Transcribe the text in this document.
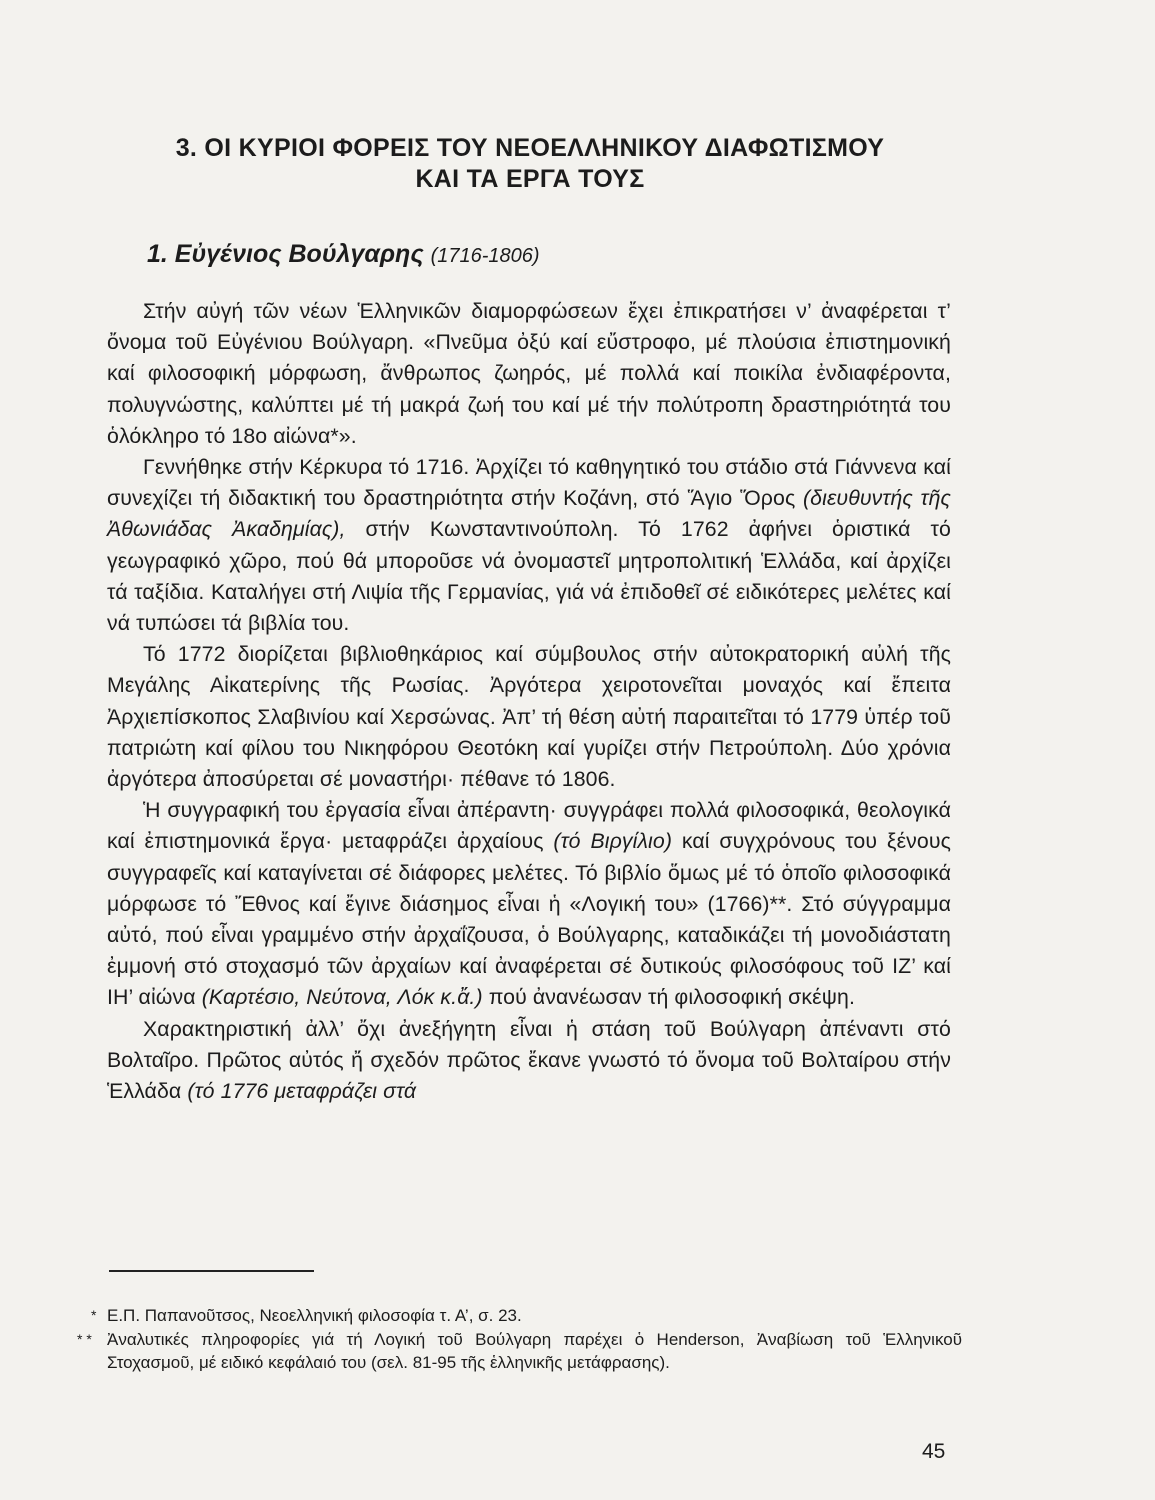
3. ΟΙ ΚΥΡΙΟΙ ΦΟΡΕΙΣ ΤΟΥ ΝΕΟΕΛΛΗΝΙΚΟΥ ΔΙΑΦΩΤΙΣΜΟΥ
ΚΑΙ ΤΑ ΕΡΓΑ ΤΟΥΣ
1. Εὐγένιος Βούλγαρης (1716-1806)

Στήν αὐγή τῶν νέων Ἑλληνικῶν διαμορφώσεων ἔχει ἐπικρατήσει ν’ ἀναφέρεται τ’ ὄνομα τοῦ Εὐγένιου Βούλγαρη. «Πνεῦμα ὀξύ καί εὔστροφο, μέ πλούσια ἐπιστημονική καί φιλοσοφική μόρφωση, ἄνθρωπος ζωηρός, μέ πολλά καί ποικίλα ἐνδιαφέροντα, πολυγνώστης, καλύπτει μέ τή μακρά ζωή του καί μέ τήν πολύτροπη δραστηριότητά του ὁλόκληρο τό 18ο αἰώνα*».

Γεννήθηκε στήν Κέρκυρα τό 1716. Ἀρχίζει τό καθηγητικό του στάδιο στά Γιάννενα καί συνεχίζει τή διδακτική του δραστηριότητα στήν Κοζάνη, στό Ἅγιο Ὅρος (διευθυντής τῆς Ἀθωνιάδας Ἀκαδημίας), στήν Κωνσταντινούπολη. Τό 1762 ἀφήνει ὁριστικά τό γεωγραφικό χῶρο, πού θά μποροῦσε νά ὀνομαστεῖ μητροπολιτική Ἑλλάδα, καί ἀρχίζει τά ταξίδια. Καταλήγει στή Λιψία τῆς Γερμανίας, γιά νά ἐπιδοθεῖ σέ ειδικότερες μελέτες καί νά τυπώσει τά βιβλία του.

Τό 1772 διορίζεται βιβλιοθηκάριος καί σύμβουλος στήν αὐτοκρατορική αὐλή τῆς Μεγάλης Αἰκατερίνης τῆς Ρωσίας. Ἀργότερα χειροτονεῖται μοναχός καί ἔπειτα Ἀρχιεπίσκοπος Σλαβινίου καί Χερσώνας. Ἀπ’ τή θέση αὐτή παραιτεῖται τό 1779 ὑπέρ τοῦ πατριώτη καί φίλου του Νικηφόρου Θεοτόκη καί γυρίζει στήν Πετρούπολη. Δύο χρόνια ἀργότερα ἀποσύρεται σέ μοναστήρι· πέθανε τό 1806.

Ἡ συγγραφική του ἐργασία εἶναι ἀπέραντη· συγγράφει πολλά φιλοσοφικά, θεολογικά καί ἐπιστημονικά ἔργα· μεταφράζει ἀρχαίους (τό Βιργίλιο) καί συγχρόνους του ξένους συγγραφεῖς καί καταγίνεται σέ διάφορες μελέτες. Τό βιβλίο ὅμως μέ τό ὁποῖο φιλοσοφικά μόρφωσε τό Ἔθνος καί ἔγινε διάσημος εἶναι ἡ «Λογική του» (1766)**. Στό σύγγραμμα αὐτό, πού εἶναι γραμμένο στήν ἀρχαΐζουσα, ὁ Βούλγαρης, καταδικάζει τή μονοδιάστατη ἐμμονή στό στοχασμό τῶν ἀρχαίων καί ἀναφέρεται σέ δυτικούς φιλοσόφους τοῦ ΙΖ’ καί ΙΗ’ αἰώνα (Καρτέσιο, Νεύτονα, Λόκ κ.ἄ.) πού ἀνανέωσαν τή φιλοσοφική σκέψη.

Χαρακτηριστική ἀλλ’ ὄχι ἀνεξήγητη εἶναι ἡ στάση τοῦ Βούλγαρη ἀπέναντι στό Βολταῖρο. Πρῶτος αὐτός ἤ σχεδόν πρῶτος ἔκανε γνωστό τό ὄνομα τοῦ Βολταίρου στήν Ἑλλάδα (τό 1776 μεταφράζει στά

* Ε.Π. Παπανοῦτσος, Νεοελληνική φιλοσοφία τ. Α’, σ. 23.
* * Ἀναλυτικές πληροφορίες γιά τή Λογική τοῦ Βούλγαρη παρέχει ὁ Henderson, Ἀναβίωση τοῦ Ἑλληνικοῦ Στοχασμοῦ, μέ ειδικό κεφάλαιό του (σελ. 81-95 τῆς ἑλληνικῆς μετάφρασης).
45
